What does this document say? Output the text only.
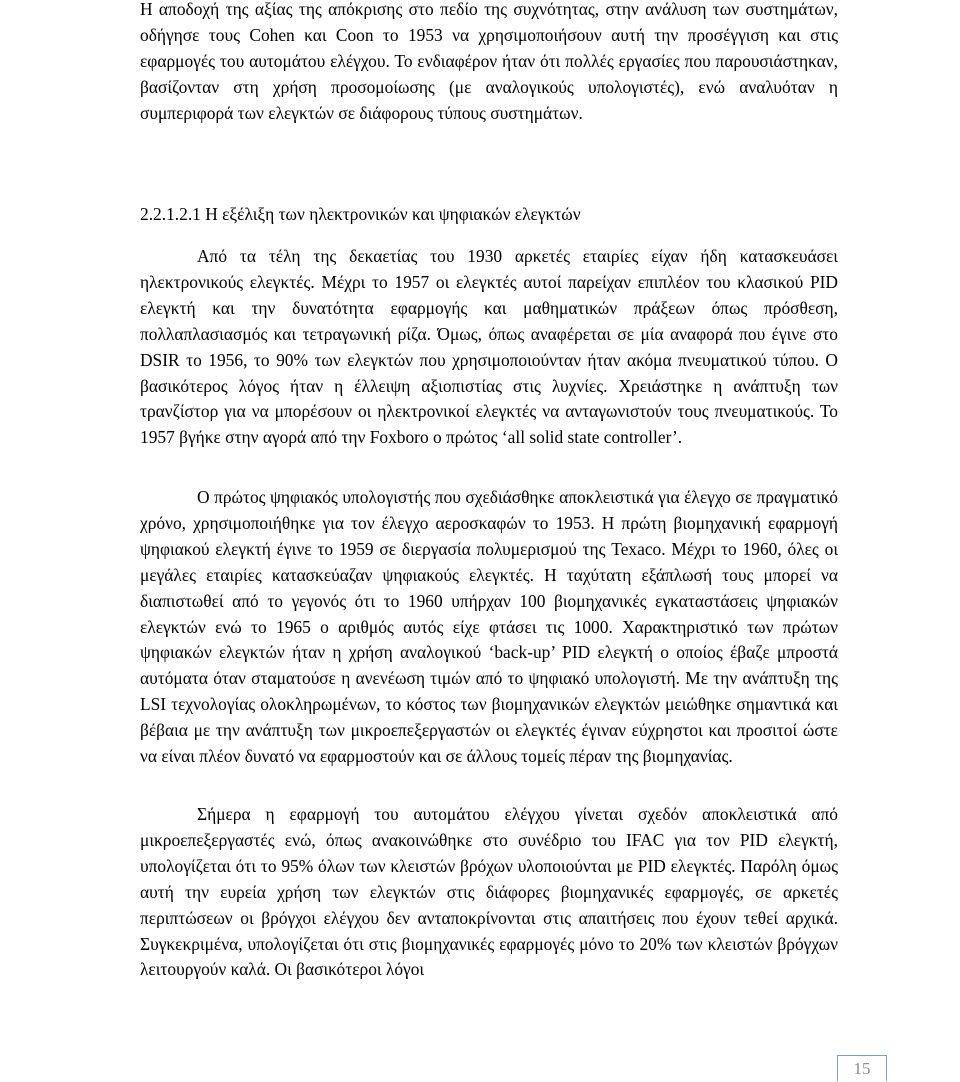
Η αποδοχή της αξίας της απόκρισης στο πεδίο της συχνότητας, στην ανάλυση των συστημάτων, οδήγησε τους Cohen και Coon το 1953 να χρησιμοποιήσουν αυτή την προσέγγιση και στις εφαρμογές του αυτομάτου ελέγχου. Το ενδιαφέρον ήταν ότι πολλές εργασίες που παρουσιάστηκαν, βασίζονταν στη χρήση προσομοίωσης (με αναλογικούς υπολογιστές), ενώ αναλυόταν η συμπεριφορά των ελεγκτών σε διάφορους τύπους συστημάτων.

2.2.1.2.1 Η εξέλιξη των ηλεκτρονικών και ψηφιακών ελεγκτών

Από τα τέλη της δεκαετίας του 1930 αρκετές εταιρίες είχαν ήδη κατασκευάσει ηλεκτρονικούς ελεγκτές. Μέχρι το 1957 οι ελεγκτές αυτοί παρείχαν επιπλέον του κλασικού PID ελεγκτή και την δυνατότητα εφαρμογής και μαθηματικών πράξεων όπως πρόσθεση, πολλαπλασιασμός και τετραγωνική ρίζα. Όμως, όπως αναφέρεται σε μία αναφορά που έγινε στο DSIR το 1956, το 90% των ελεγκτών που χρησιμοποιούνταν ήταν ακόμα πνευματικού τύπου. Ο βασικότερος λόγος ήταν η έλλειψη αξιοπιστίας στις λυχνίες. Χρειάστηκε η ανάπτυξη των τρανζίστορ για να μπορέσουν οι ηλεκτρονικοί ελεγκτές να ανταγωνιστούν τους πνευματικούς. Το 1957 βγήκε στην αγορά από την Foxboro ο πρώτος ‘all solid state controller’.

Ο πρώτος ψηφιακός υπολογιστής που σχεδιάσθηκε αποκλειστικά για έλεγχο σε πραγματικό χρόνο, χρησιμοποιήθηκε για τον έλεγχο αεροσκαφών το 1953. Η πρώτη βιομηχανική εφαρμογή ψηφιακού ελεγκτή έγινε το 1959 σε διεργασία πολυμερισμού της Texaco. Μέχρι το 1960, όλες οι μεγάλες εταιρίες κατασκεύαζαν ψηφιακούς ελεγκτές. Η ταχύτατη εξάπλωσή τους μπορεί να διαπιστωθεί από το γεγονός ότι το 1960 υπήρχαν 100 βιομηχανικές εγκαταστάσεις ψηφιακών ελεγκτών ενώ το 1965 ο αριθμός αυτός είχε φτάσει τις 1000. Χαρακτηριστικό των πρώτων ψηφιακών ελεγκτών ήταν η χρήση αναλογικού ‘back-up’ PID ελεγκτή ο οποίος έβαζε μπροστά αυτόματα όταν σταματούσε η ανενέωση τιμών από το ψηφιακό υπολογιστή. Με την ανάπτυξη της LSI τεχνολογίας ολοκληρωμένων, το κόστος των βιομηχανικών ελεγκτών μειώθηκε σημαντικά και βέβαια με την ανάπτυξη των μικροεπεξεργαστών οι ελεγκτές έγιναν εύχρηστοι και προσιτοί ώστε να είναι πλέον δυνατό να εφαρμοστούν και σε άλλους τομείς πέραν της βιομηχανίας.

Σήμερα η εφαρμογή του αυτομάτου ελέγχου γίνεται σχεδόν αποκλειστικά από μικροεπεξεργαστές ενώ, όπως ανακοινώθηκε στο συνέδριο του IFAC για τον PID ελεγκτή, υπολογίζεται ότι το 95% όλων των κλειστών βρόχων υλοποιούνται με PID ελεγκτές. Παρόλη όμως αυτή την ευρεία χρήση των ελεγκτών στις διάφορες βιομηχανικές εφαρμογές, σε αρκετές περιπτώσεων οι βρόγχοι ελέγχου δεν ανταποκρίνονται στις απαιτήσεις που έχουν τεθεί αρχικά. Συγκεκριμένα, υπολογίζεται ότι στις βιομηχανικές εφαρμογές μόνο το 20% των κλειστών βρόγχων λειτουργούν καλά. Οι βασικότεροι λόγοι

15
